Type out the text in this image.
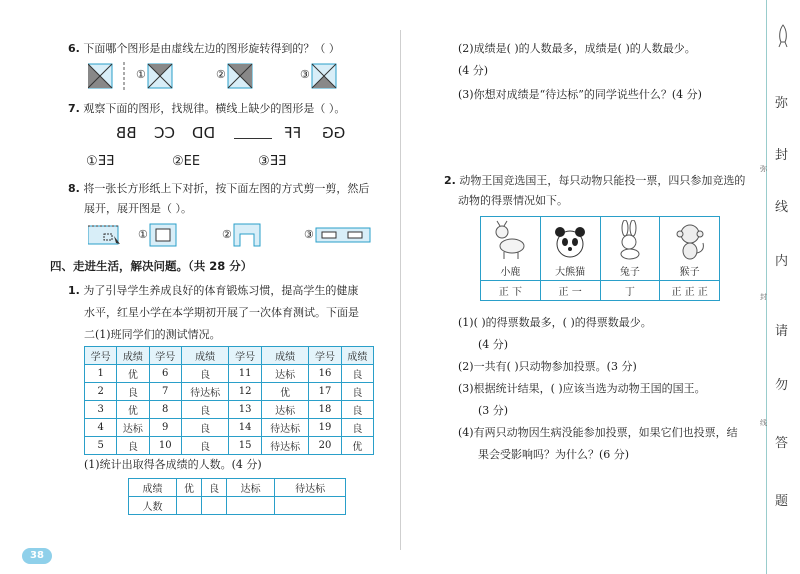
6. 下面哪个图形是由虚线左边的图形旋转得到的？（ ）
①	②	③
7. 观察下面的图形，找规律。横线上缺少的图形是（ ）。
BB CC DD	FF GG
①EE	②EE	③EE
8. 将一张长方形纸上下对折，按下面左图的方式剪一剪，然后
展开，展开图是（ ）。
①	②	③
四、走进生活，解决问题。（共 28 分）
1. 为了引导学生养成良好的体育锻炼习惯，提高学生的健康
水平，红星小学在本学期初开展了一次体育测试。下面是
二(1)班同学们的测试情况。
学号	成绩	学号	成绩	学号	成绩	学号	成绩
1	优	6	良	11	达标	16	良
2	良	7	待达标	12	优	17	良
3	优	8	良	13	达标	18	良
4	达标	9	良	14	待达标	19	良
5	良	10	良	15	待达标	20	优
(1)统计出取得各成绩的人数。(4 分)
成绩	优	良	达标	待达标
人数				
38
(2)成绩是( )的人数最多，成绩是( )的人数最少。
(4 分)
(3)你想对成绩是“待达标”的同学说些什么？(4 分)
2. 动物王国竞选国王，每只动物只能投一票，四只参加竞选的
动物的得票情况如下。
小鹿	大熊猫	兔子	猴子

正 下	正 一	丁	正 正 正
(1)( )的得票数最多，( )的得票数最少。
(4 分)
(2)一共有( )只动物参加投票。(3 分)
(3)根据统计结果，( )应该当选为动物王国的国王。
(3 分)
(4)有两只动物因生病没能参加投票，如果它们也投票，结
果会受影响吗？为什么？(6 分)
弥
封
线
内
请
勿
答
题
弥
封
线
